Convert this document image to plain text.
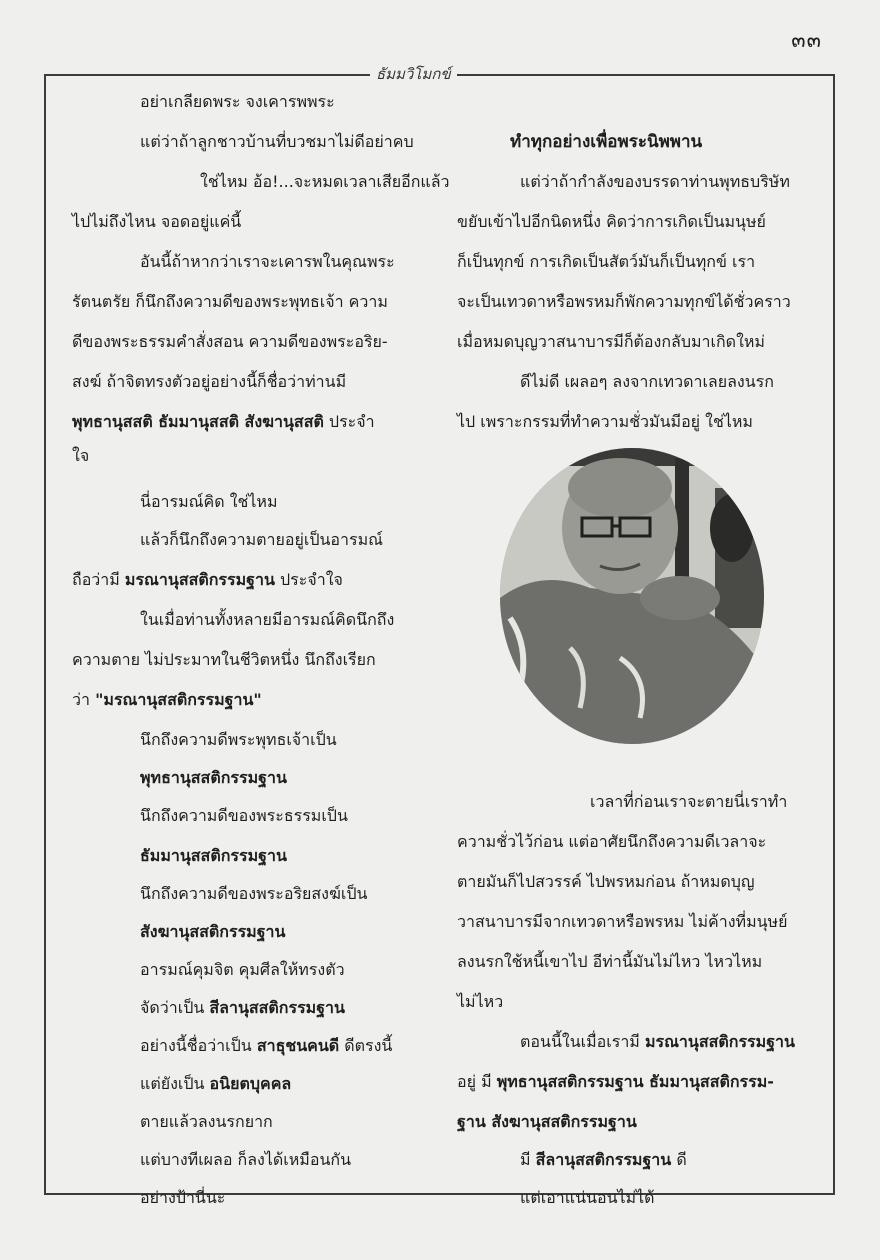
๓๓
ธัมมวิโมกข์
อย่าเกลียดพระ จงเคารพพระ
แต่ว่าถ้าลูกชาวบ้านที่บวชมาไม่ดีอย่าคบ
ใช่ไหม อ้อ!...จะหมดเวลาเสียอีกแล้ว
ไปไม่ถึงไหน จอดอยู่แค่นี้
อันนี้ถ้าหากว่าเราจะเคารพในคุณพระ
รัตนตรัย ก็นึกถึงความดีของพระพุทธเจ้า ความ
ดีของพระธรรมคำสั่งสอน ความดีของพระอริย-
สงฆ์ ถ้าจิตทรงตัวอยู่อย่างนี้ก็ชื่อว่าท่านมี
ใจ
นี่อารมณ์คิด ใช่ไหม
แล้วก็นึกถึงความตายอยู่เป็นอารมณ์
ในเมื่อท่านทั้งหลายมีอารมณ์คิดนึกถึง
ความตาย ไม่ประมาทในชีวิตหนึ่ง นึกถึงเรียก
นึกถึงความดีพระพุทธเจ้าเป็น
นึกถึงความดีของพระธรรมเป็น
นึกถึงความดีของพระอริยสงฆ์เป็น
อารมณ์คุมจิต คุมศีลให้ทรงตัว
ตายแล้วลงนรกยาก
แต่บางทีเผลอ ก็ลงได้เหมือนกัน
อย่างป้านี่นะ
แต่ว่าถ้ากำลังของบรรดาท่านพุทธบริษัท
ขยับเข้าไปอีกนิดหนึ่ง คิดว่าการเกิดเป็นมนุษย์
ก็เป็นทุกข์ การเกิดเป็นสัตว์มันก็เป็นทุกข์ เรา
จะเป็นเทวดาหรือพรหมก็พักความทุกข์ได้ชั่วคราว
เมื่อหมดบุญวาสนาบารมีก็ต้องกลับมาเกิดใหม่
ดีไม่ดี เผลอๆ ลงจากเทวดาเลยลงนรก
ไป เพราะกรรมที่ทำความชั่วมันมีอยู่ ใช่ไหม
เวลาที่ก่อนเราจะตายนี่เราทำ
ความชั่วไว้ก่อน แต่อาศัยนึกถึงความดีเวลาจะ
ตายมันก็ไปสวรรค์ ไปพรหมก่อน ถ้าหมดบุญ
วาสนาบารมีจากเทวดาหรือพรหม ไม่ค้างที่มนุษย์
ลงนรกใช้หนี้เขาไป อีท่านี้มันไม่ไหว ไหวไหม
ไม่ไหว
แต่เอาแน่นอนไม่ได้
พุทธานุสสติ ธัมมานุสสติ สังฆานุสสติ ประจำ
ถือว่ามี มรณานุสสติกรรมฐาน ประจำใจ
ว่า "มรณานุสสติกรรมฐาน"
พุทธานุสสติกรรมฐาน
ธัมมานุสสติกรรมฐาน
สังฆานุสสติกรรมฐาน
จัดว่าเป็น สีลานุสสติกรรมฐาน
อย่างนี้ชื่อว่าเป็น สาธุชนคนดี ดีตรงนี้
แต่ยังเป็น อนิยตบุคคล
ทำทุกอย่างเพื่อพระนิพพาน
ตอนนี้ในเมื่อเรามี มรณานุสสติกรรมฐาน
อยู่ มี พุทธานุสสติกรรมฐาน ธัมมานุสสติกรรม-
ฐาน สังฆานุสสติกรรมฐาน
มี สีลานุสสติกรรมฐาน ดี
